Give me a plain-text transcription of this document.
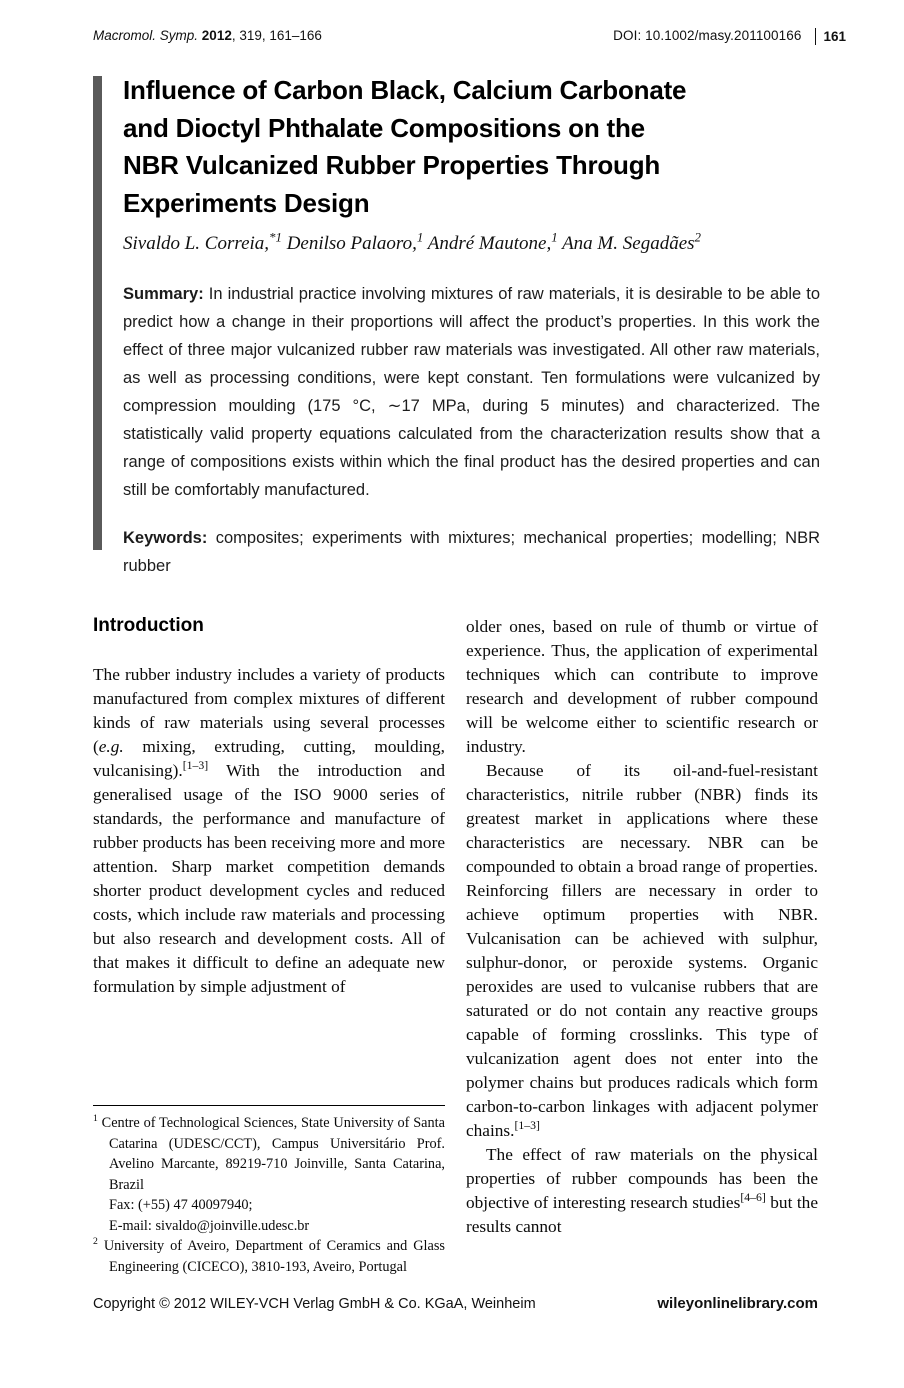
Macromol. Symp. 2012, 319, 161–166	DOI: 10.1002/masy.201100166	161
Influence of Carbon Black, Calcium Carbonate
and Dioctyl Phthalate Compositions on the
NBR Vulcanized Rubber Properties Through
Experiments Design
Sivaldo L. Correia,$^{*1}$ Denilso Palaoro,$^1$ André Mautone,$^1$ Ana M. Segadães$^2$
Summary: In industrial practice involving mixtures of raw materials, it is desirable to be able to predict how a change in their proportions will affect the product’s properties. In this work the effect of three major vulcanized rubber raw materials was investigated. All other raw materials, as well as processing conditions, were kept constant. Ten formulations were vulcanized by compression moulding (175 °C, ∼17 MPa, during 5 minutes) and characterized. The statistically valid property equations calculated from the characterization results show that a range of compositions exists within which the final product has the desired properties and can still be comfortably manufactured.
Keywords: composites; experiments with mixtures; mechanical properties; modelling; NBR rubber
Introduction

The rubber industry includes a variety of products manufactured from complex mixtures of different kinds of raw materials using several processes (e.g. mixing, extruding, cutting, moulding, vulcanising).[1–3] With the introduction and generalised usage of the ISO 9000 series of standards, the performance and manufacture of rubber products has been receiving more and more attention. Sharp market competition demands shorter product development cycles and reduced costs, which include raw materials and processing but also research and development costs. All of that makes it difficult to define an adequate new formulation by simple adjustment of

$^1$ Centre of Technological Sciences, State University of Santa Catarina (UDESC/CCT), Campus Universitário Prof. Avelino Marcante, 89219-710 Joinville, Santa Catarina, Brazil
Fax: (+55) 47 40097940;
E-mail: sivaldo@joinville.udesc.br
$^2$ University of Aveiro, Department of Ceramics and Glass Engineering (CICECO), 3810-193, Aveiro, Portugal

older ones, based on rule of thumb or virtue of experience. Thus, the application of experimental techniques which can contribute to improve research and development of rubber compound will be welcome either to scientific research or industry.

Because of its oil-and-fuel-resistant characteristics, nitrile rubber (NBR) finds its greatest market in applications where these characteristics are necessary. NBR can be compounded to obtain a broad range of properties. Reinforcing fillers are necessary in order to achieve optimum properties with NBR. Vulcanisation can be achieved with sulphur, sulphur-donor, or peroxide systems. Organic peroxides are used to vulcanise rubbers that are saturated or do not contain any reactive groups capable of forming crosslinks. This type of vulcanization agent does not enter into the polymer chains but produces radicals which form carbon-to-carbon linkages with adjacent polymer chains.[1–3]

The effect of raw materials on the physical properties of rubber compounds has been the objective of interesting research studies[4–6] but the results cannot

Copyright © 2012 WILEY-VCH Verlag GmbH & Co. KGaA, Weinheim	wileyonlinelibrary.com
